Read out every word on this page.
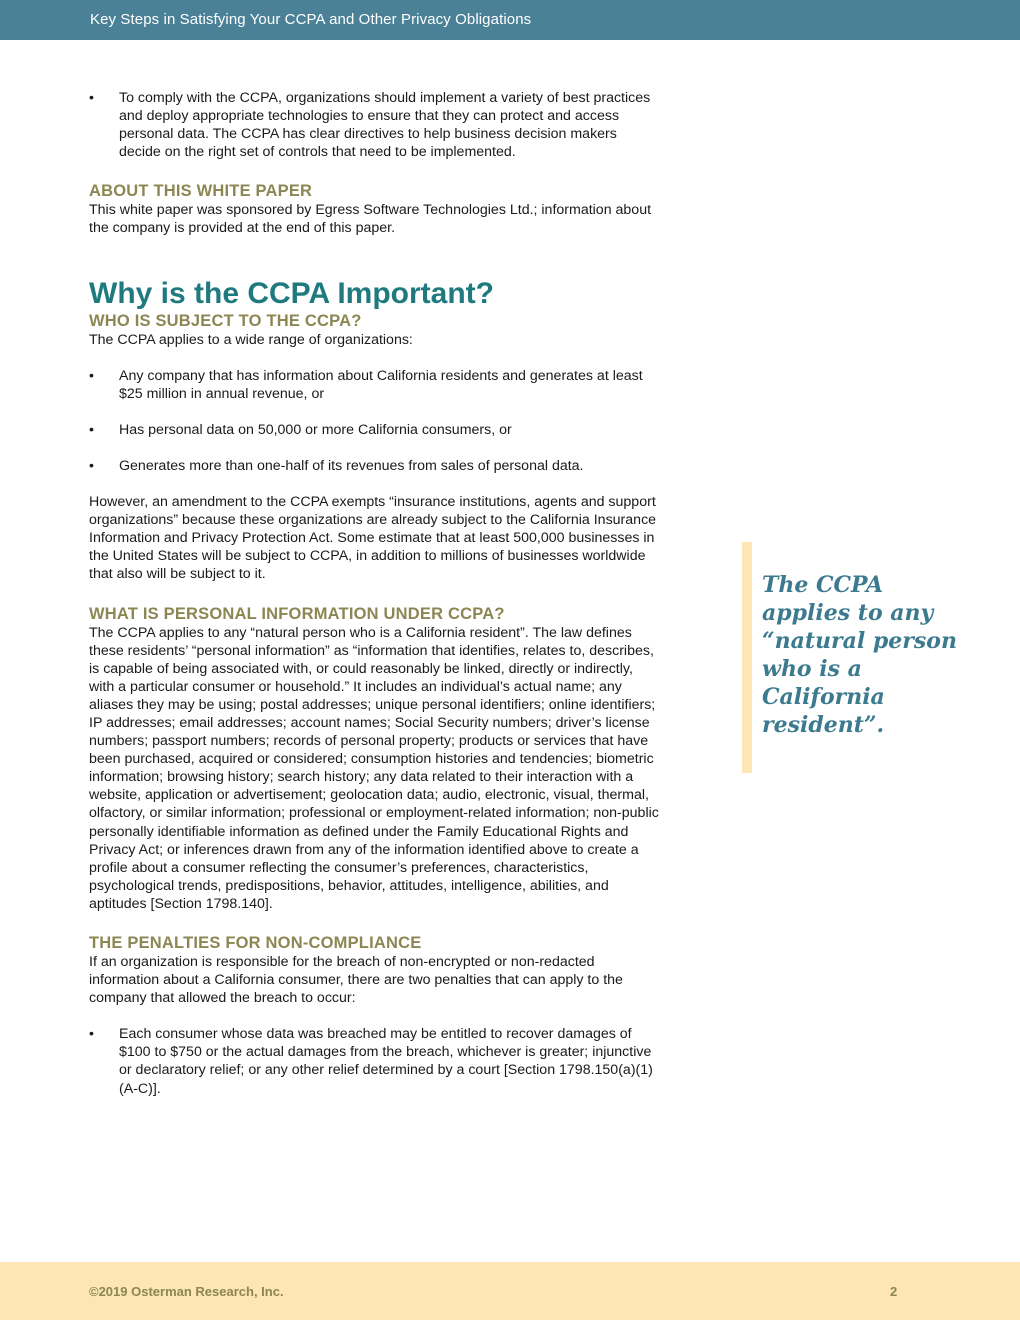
Key Steps in Satisfying Your CCPA and Other Privacy Obligations
• To comply with the CCPA, organizations should implement a variety of best practices and deploy appropriate technologies to ensure that they can protect and access personal data. The CCPA has clear directives to help business decision makers decide on the right set of controls that need to be implemented.
ABOUT THIS WHITE PAPER

This white paper was sponsored by Egress Software Technologies Ltd.; information about the company is provided at the end of this paper.

Why is the CCPA Important?
WHO IS SUBJECT TO THE CCPA?

The CCPA applies to a wide range of organizations:

• Any company that has information about California residents and generates at least $25 million in annual revenue, or
• Has personal data on 50,000 or more California consumers, or
• Generates more than one-half of its revenues from sales of personal data.

However, an amendment to the CCPA exempts “insurance institutions, agents and support organizations” because these organizations are already subject to the California Insurance Information and Privacy Protection Act. Some estimate that at least 500,000 businesses in the United States will be subject to CCPA, in addition to millions of businesses worldwide that also will be subject to it.

WHAT IS PERSONAL INFORMATION UNDER CCPA?

The CCPA applies to any “natural person who is a California resident”. The law defines these residents’ “personal information” as “information that identifies, relates to, describes, is capable of being associated with, or could reasonably be linked, directly or indirectly, with a particular consumer or household.” It includes an individual’s actual name; any aliases they may be using; postal addresses; unique personal identifiers; online identifiers; IP addresses; email addresses; account names; Social Security numbers; driver’s license numbers; passport numbers; records of personal property; products or services that have been purchased, acquired or considered; consumption histories and tendencies; biometric information; browsing history; search history; any data related to their interaction with a website, application or advertisement; geolocation data; audio, electronic, visual, thermal, olfactory, or similar information; professional or employment-related information; non-public personally identifiable information as defined under the Family Educational Rights and Privacy Act; or inferences drawn from any of the information identified above to create a profile about a consumer reflecting the consumer’s preferences, characteristics, psychological trends, predispositions, behavior, attitudes, intelligence, abilities, and aptitudes [Section 1798.140].

THE PENALTIES FOR NON-COMPLIANCE

If an organization is responsible for the breach of non-encrypted or non-redacted information about a California consumer, there are two penalties that can apply to the company that allowed the breach to occur:

• Each consumer whose data was breached may be entitled to recover damages of $100 to $750 or the actual damages from the breach, whichever is greater; injunctive or declaratory relief; or any other relief determined by a court [Section 1798.150(a)(1)(A-C)].
The CCPA applies to any “natural person who is a California resident”.
©2019 Osterman Research, Inc.	2
